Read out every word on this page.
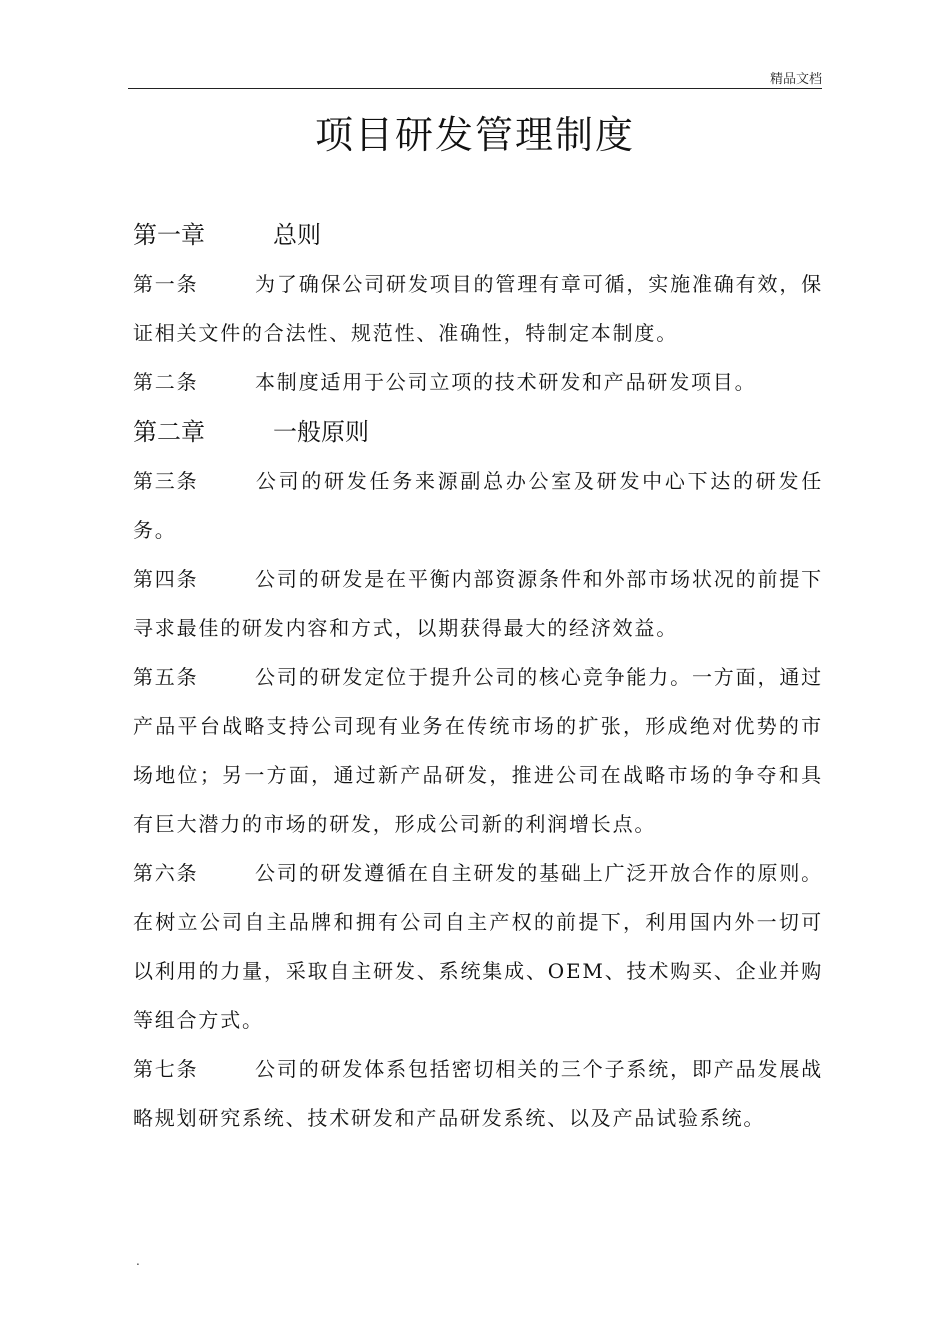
精品文档
项目研发管理制度
第一章	总则
第一条	为了确保公司研发项目的管理有章可循，实施准确有效，保证相关文件的合法性、规范性、准确性，特制定本制度。
第二条	本制度适用于公司立项的技术研发和产品研发项目。
第二章	一般原则
第三条	公司的研发任务来源副总办公室及研发中心下达的研发任务。
第四条	公司的研发是在平衡内部资源条件和外部市场状况的前提下寻求最佳的研发内容和方式，以期获得最大的经济效益。
第五条	公司的研发定位于提升公司的核心竞争能力。一方面，通过产品平台战略支持公司现有业务在传统市场的扩张，形成绝对优势的市场地位；另一方面，通过新产品研发，推进公司在战略市场的争夺和具有巨大潜力的市场的研发，形成公司新的利润增长点。
第六条	公司的研发遵循在自主研发的基础上广泛开放合作的原则。在树立公司自主品牌和拥有公司自主产权的前提下，利用国内外一切可以利用的力量，采取自主研发、系统集成、OEM、技术购买、企业并购等组合方式。
第七条	公司的研发体系包括密切相关的三个子系统，即产品发展战略规划研究系统、技术研发和产品研发系统、以及产品试验系统。
.
